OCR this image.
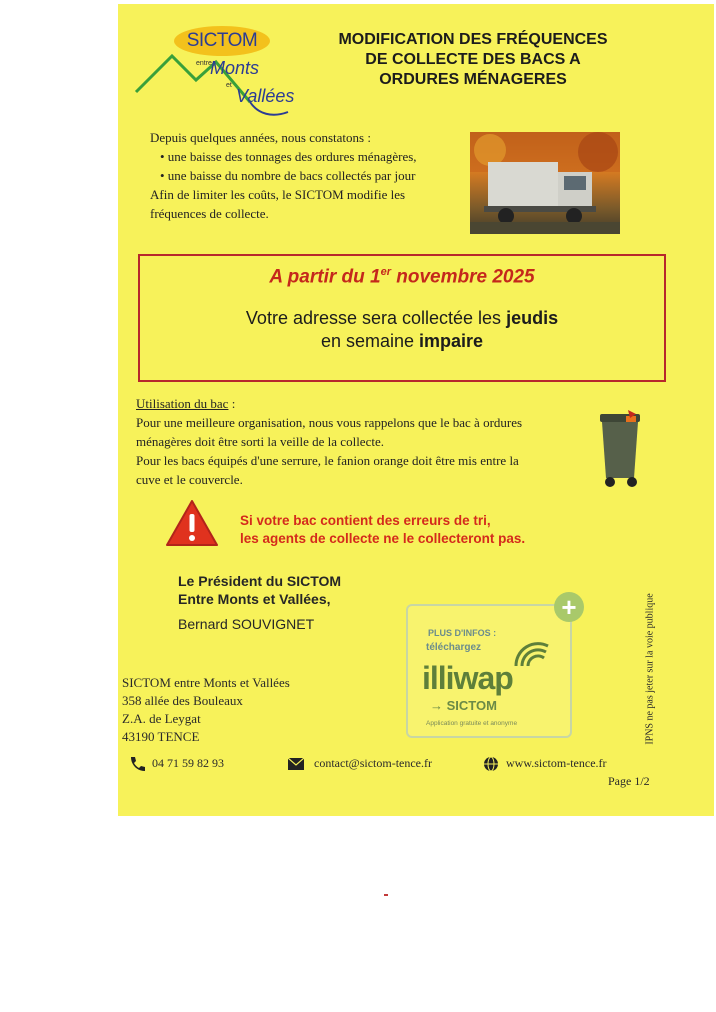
SICTOM
entre
Monts
et
Vallées
MODIFICATION DES FRÉQUENCES
DE COLLECTE DES BACS A
ORDURES MÉNAGERES
Depuis quelques années, nous constatons :
• une baisse des tonnages des ordures ménagères,
• une baisse du nombre de bacs collectés par jour
Afin de limiter les coûts, le SICTOM modifie les
fréquences de collecte.
A partir du 1er novembre 2025
Votre adresse sera collectée les jeudis
en semaine impaire
Utilisation du bac :
Pour une meilleure organisation, nous vous rappelons que le bac à ordures
ménagères doit être sorti la veille de la collecte.
Pour les bacs équipés d'une serrure, le fanion orange doit être mis entre la
cuve et le couvercle.
Si votre bac contient des erreurs de tri,
les agents de collecte ne le collecteront pas.
Le Président du SICTOM
Entre Monts et Vallées,
Bernard SOUVIGNET
SICTOM entre Monts et Vallées
358 allée des Bouleaux
Z.A. de Leygat
43190 TENCE
+
PLUS D'INFOS :
téléchargez
illiwap
→ SICTOM
Application gratuite et anonyme	IPNS ne pas jeter sur la voie publique
04 71 59 82 93	contact@sictom-tence.fr	www.sictom-tence.fr
Page 1/2
